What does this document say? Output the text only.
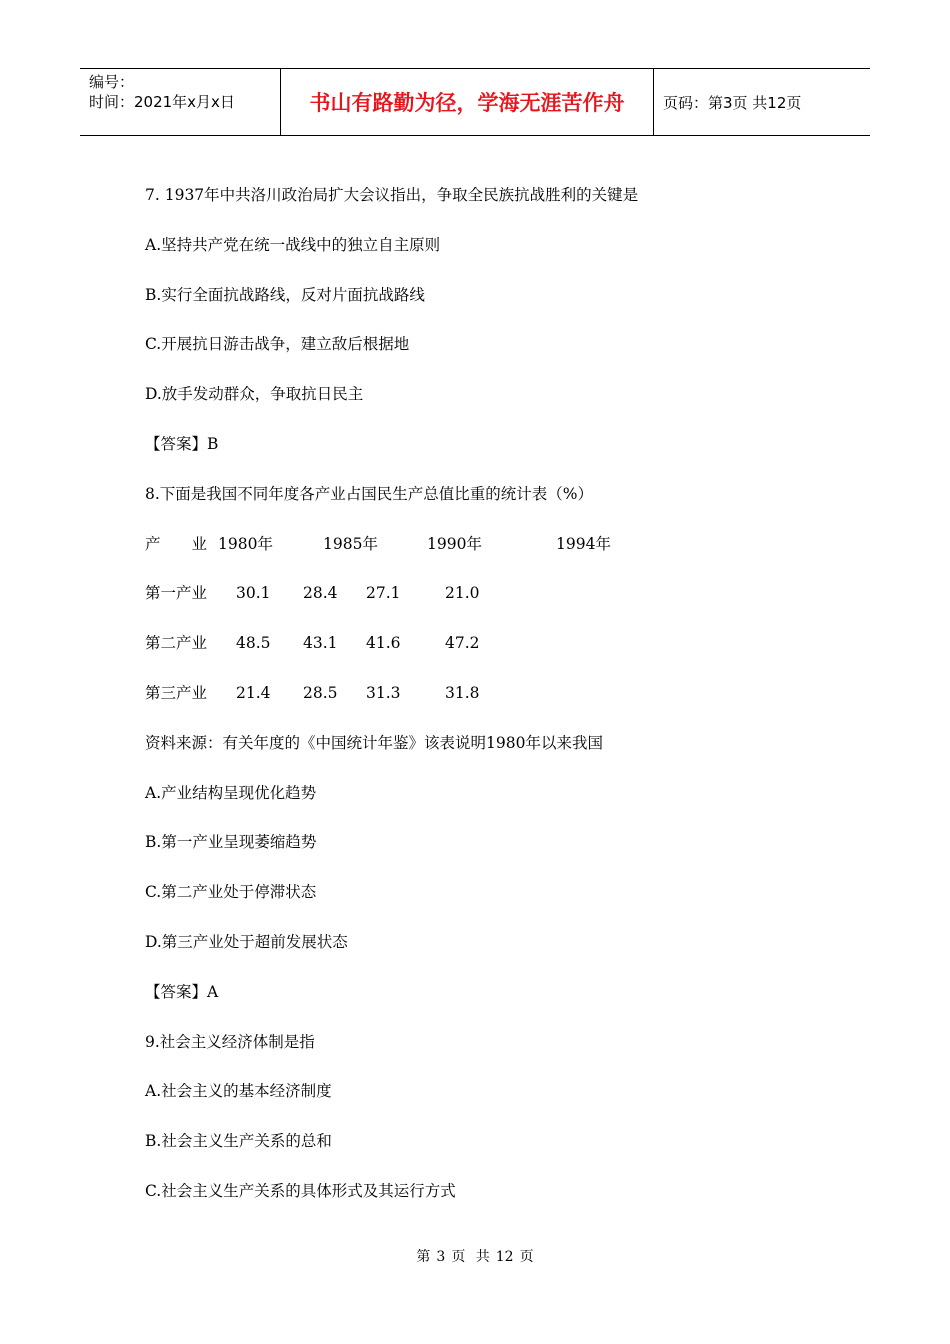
编号：
时间：2021年x月x日	书山有路勤为径，学海无涯苦作舟	页码：第3页 共12页
7. 1937年中共洛川政治局扩大会议指出，争取全民族抗战胜利的关键是
A.坚持共产党在统一战线中的独立自主原则
B.实行全面抗战路线，反对片面抗战路线
C.开展抗日游击战争，建立敌后根据地
D.放手发动群众，争取抗日民主
【答案】B
8.下面是我国不同年度各产业占国民生产总值比重的统计表（%）
产　　业 1980年	1985年	1990年	1994年
第一产业 30.1 28.4 27.1	21.0
第二产业 48.5 43.1 41.6	47.2
第三产业 21.4 28.5 31.3	31.8
资料来源：有关年度的《中国统计年鉴》该表说明1980年以来我国
A.产业结构呈现优化趋势
B.第一产业呈现萎缩趋势
C.第二产业处于停滞状态
D.第三产业处于超前发展状态
【答案】A
9.社会主义经济体制是指
A.社会主义的基本经济制度
B.社会主义生产关系的总和
C.社会主义生产关系的具体形式及其运行方式
第 3 页 共 12 页
